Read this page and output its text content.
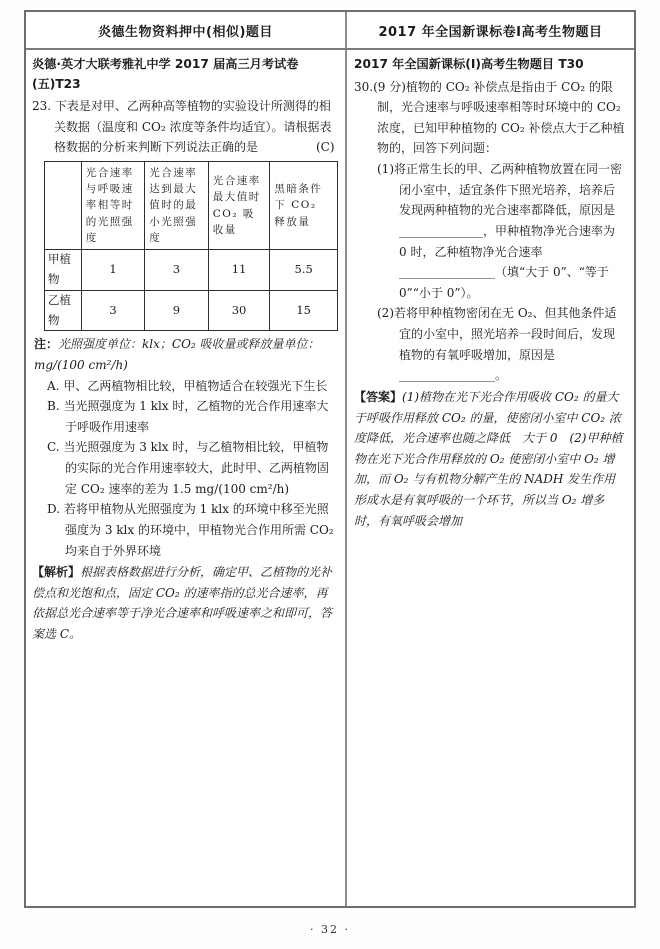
炎德生物资料押中(相似)题目	2017 年全国新课标卷Ⅰ高考生物题目

炎德·英才大联考雅礼中学 2017 届高三月考试卷(五)T23

23. 下表是对甲、乙两种高等植物的实验设计所测得的相关数据（温度和 CO₂ 浓度等条件均适宜）。请根据表格数据的分析来判断下列说法正确的是	(C)

	光合速率与呼吸速率相等时的光照强度	光合速率达到最大值时的最小光照强度	光合速率最大值时CO₂ 吸收量	黑暗条件下 CO₂ 释放量
甲植物	1	3	11	5.5
乙植物	3	9	30	15

注：光照强度单位：klx；CO₂ 吸收量或释放量单位：mg/(100 cm²/h)

A. 甲、乙两植物相比较，甲植物适合在较强光下生长

B. 当光照强度为 1 klx 时，乙植物的光合作用速率大于呼吸作用速率

C. 当光照强度为 3 klx 时，与乙植物相比较，甲植物的实际的光合作用速率较大，此时甲、乙两植物固定 CO₂ 速率的差为 1.5 mg/(100 cm²/h)

D. 若将甲植物从光照强度为 1 klx 的环境中移至光照强度为 3 klx 的环境中，甲植物光合作用所需 CO₂ 均来自于外界环境

【解析】根据表格数据进行分析，确定甲、乙植物的光补偿点和光饱和点，固定 CO₂ 的速率指的总光合速率，再依据总光合速率等于净光合速率和呼吸速率之和即可，答案选 C。

2017 年全国新课标(Ⅰ)高考生物题目 T30

30.(9 分)植物的 CO₂ 补偿点是指由于 CO₂ 的限制，光合速率与呼吸速率相等时环境中的 CO₂ 浓度，已知甲种植物的 CO₂ 补偿点大于乙种植物的，回答下列问题：

(1)将正常生长的甲、乙两种植物放置在同一密闭小室中，适宜条件下照光培养，培养后发现两种植物的光合速率都降低，原因是______________，甲种植物净光合速率为 0 时，乙种植物净光合速率________________（填“大于 0”、“等于 0”“小于 0”）。

(2)若将甲种植物密闭在无 O₂、但其他条件适宜的小室中，照光培养一段时间后，发现植物的有氧呼吸增加，原因是________________。

【答案】(1)植物在光下光合作用吸收 CO₂ 的量大于呼吸作用释放 CO₂ 的量，使密闭小室中 CO₂ 浓度降低，光合速率也随之降低　大于 0　(2)甲种植物在光下光合作用释放的 O₂ 使密闭小室中 O₂ 增加，而 O₂ 与有机物分解产生的 NADH 发生作用形成水是有氧呼吸的一个环节，所以当 O₂ 增多时，有氧呼吸会增加

· 32 ·
